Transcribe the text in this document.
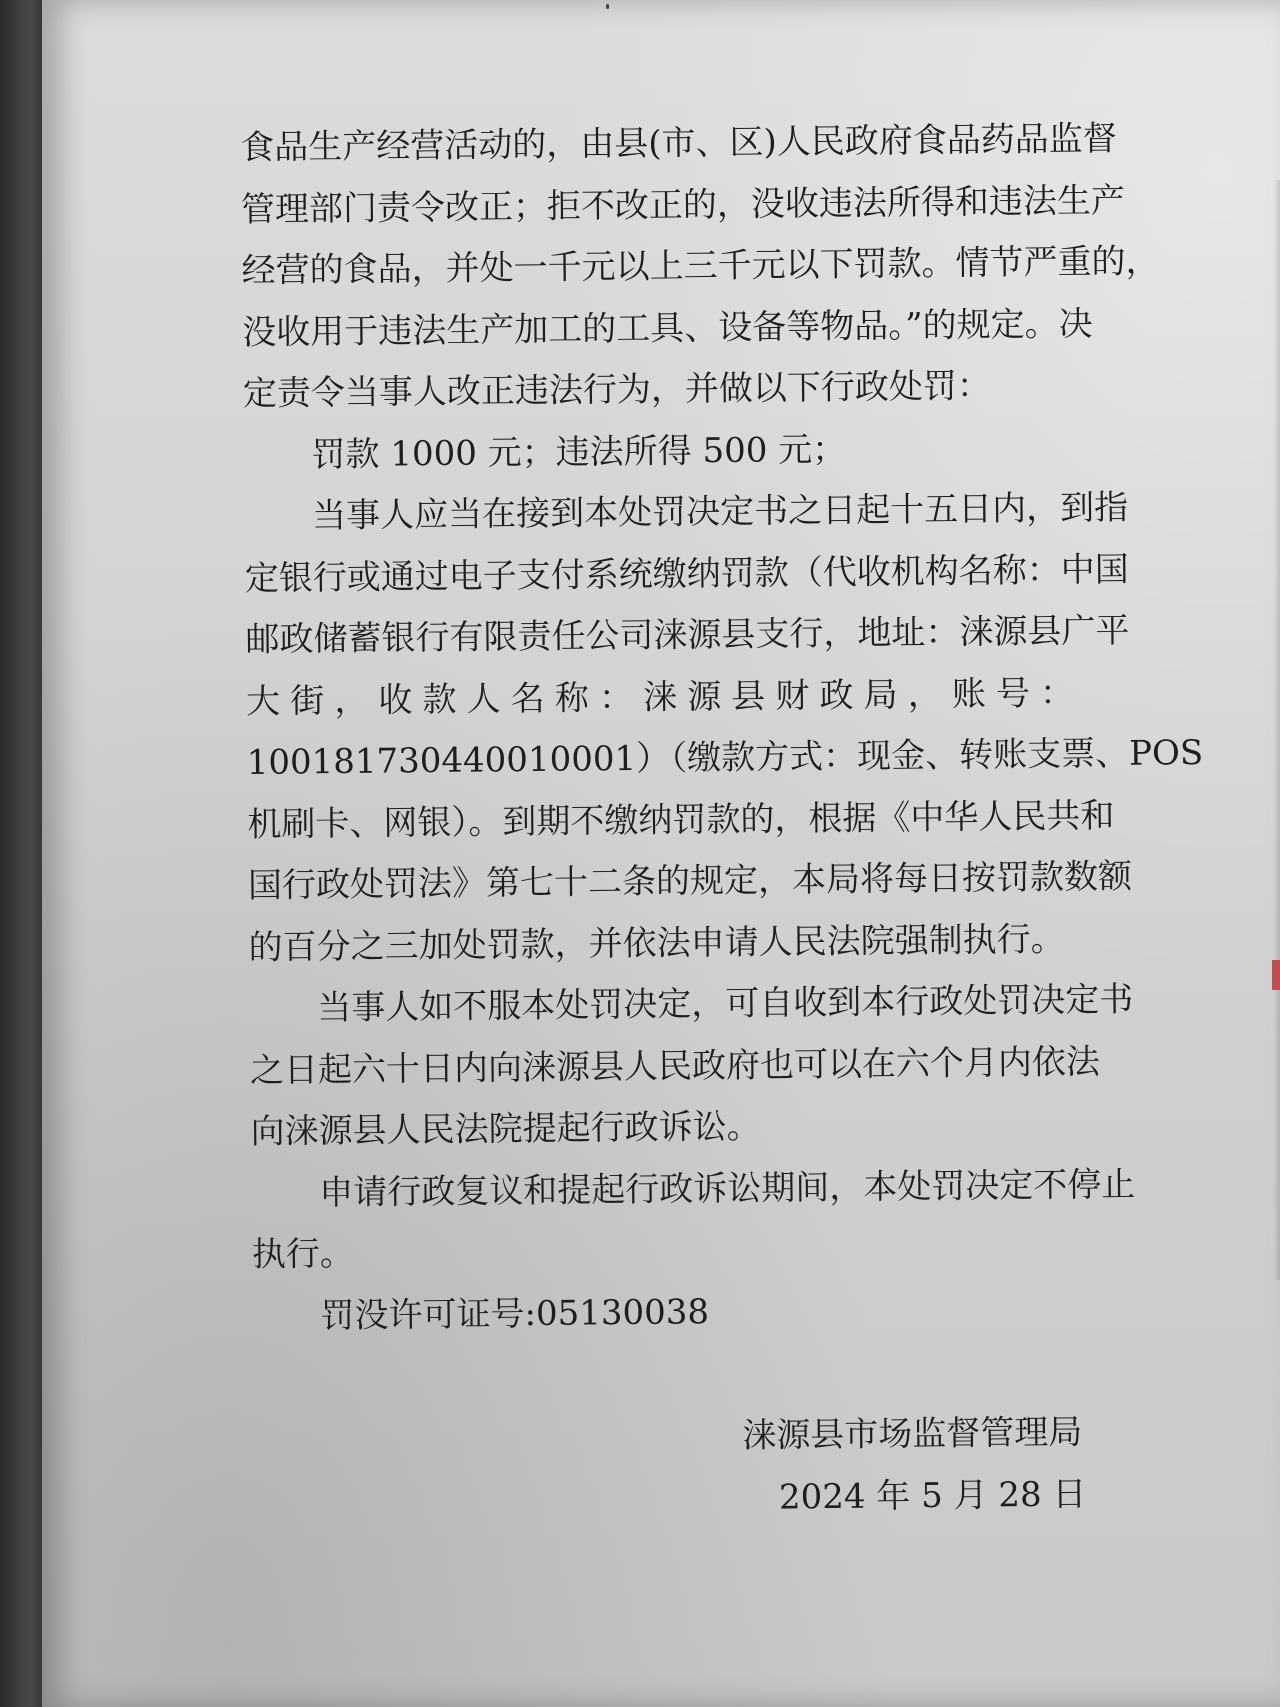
食品生产经营活动的，由县(市、区)人民政府食品药品监督
管理部门责令改正；拒不改正的，没收违法所得和违法生产
经营的食品，并处一千元以上三千元以下罚款。情节严重的，
没收用于违法生产加工的工具、设备等物品。”的规定。决
定责令当事人改正违法行为，并做以下行政处罚：
罚款 1000 元；违法所得 500 元；
当事人应当在接到本处罚决定书之日起十五日内，到指
定银行或通过电子支付系统缴纳罚款（代收机构名称：中国
邮政储蓄银行有限责任公司涞源县支行，地址：涞源县广平
大街，收款人名称：涞源县财政局，账号：
100181730440010001）（缴款方式：现金、转账支票、POS
机刷卡、网银）。到期不缴纳罚款的，根据《中华人民共和
国行政处罚法》第七十二条的规定，本局将每日按罚款数额
的百分之三加处罚款，并依法申请人民法院强制执行。
当事人如不服本处罚决定，可自收到本行政处罚决定书
之日起六十日内向涞源县人民政府也可以在六个月内依法
向涞源县人民法院提起行政诉讼。
申请行政复议和提起行政诉讼期间，本处罚决定不停止
执行。
罚没许可证号:05130038
涞源县市场监督管理局
2024 年 5 月 28 日
